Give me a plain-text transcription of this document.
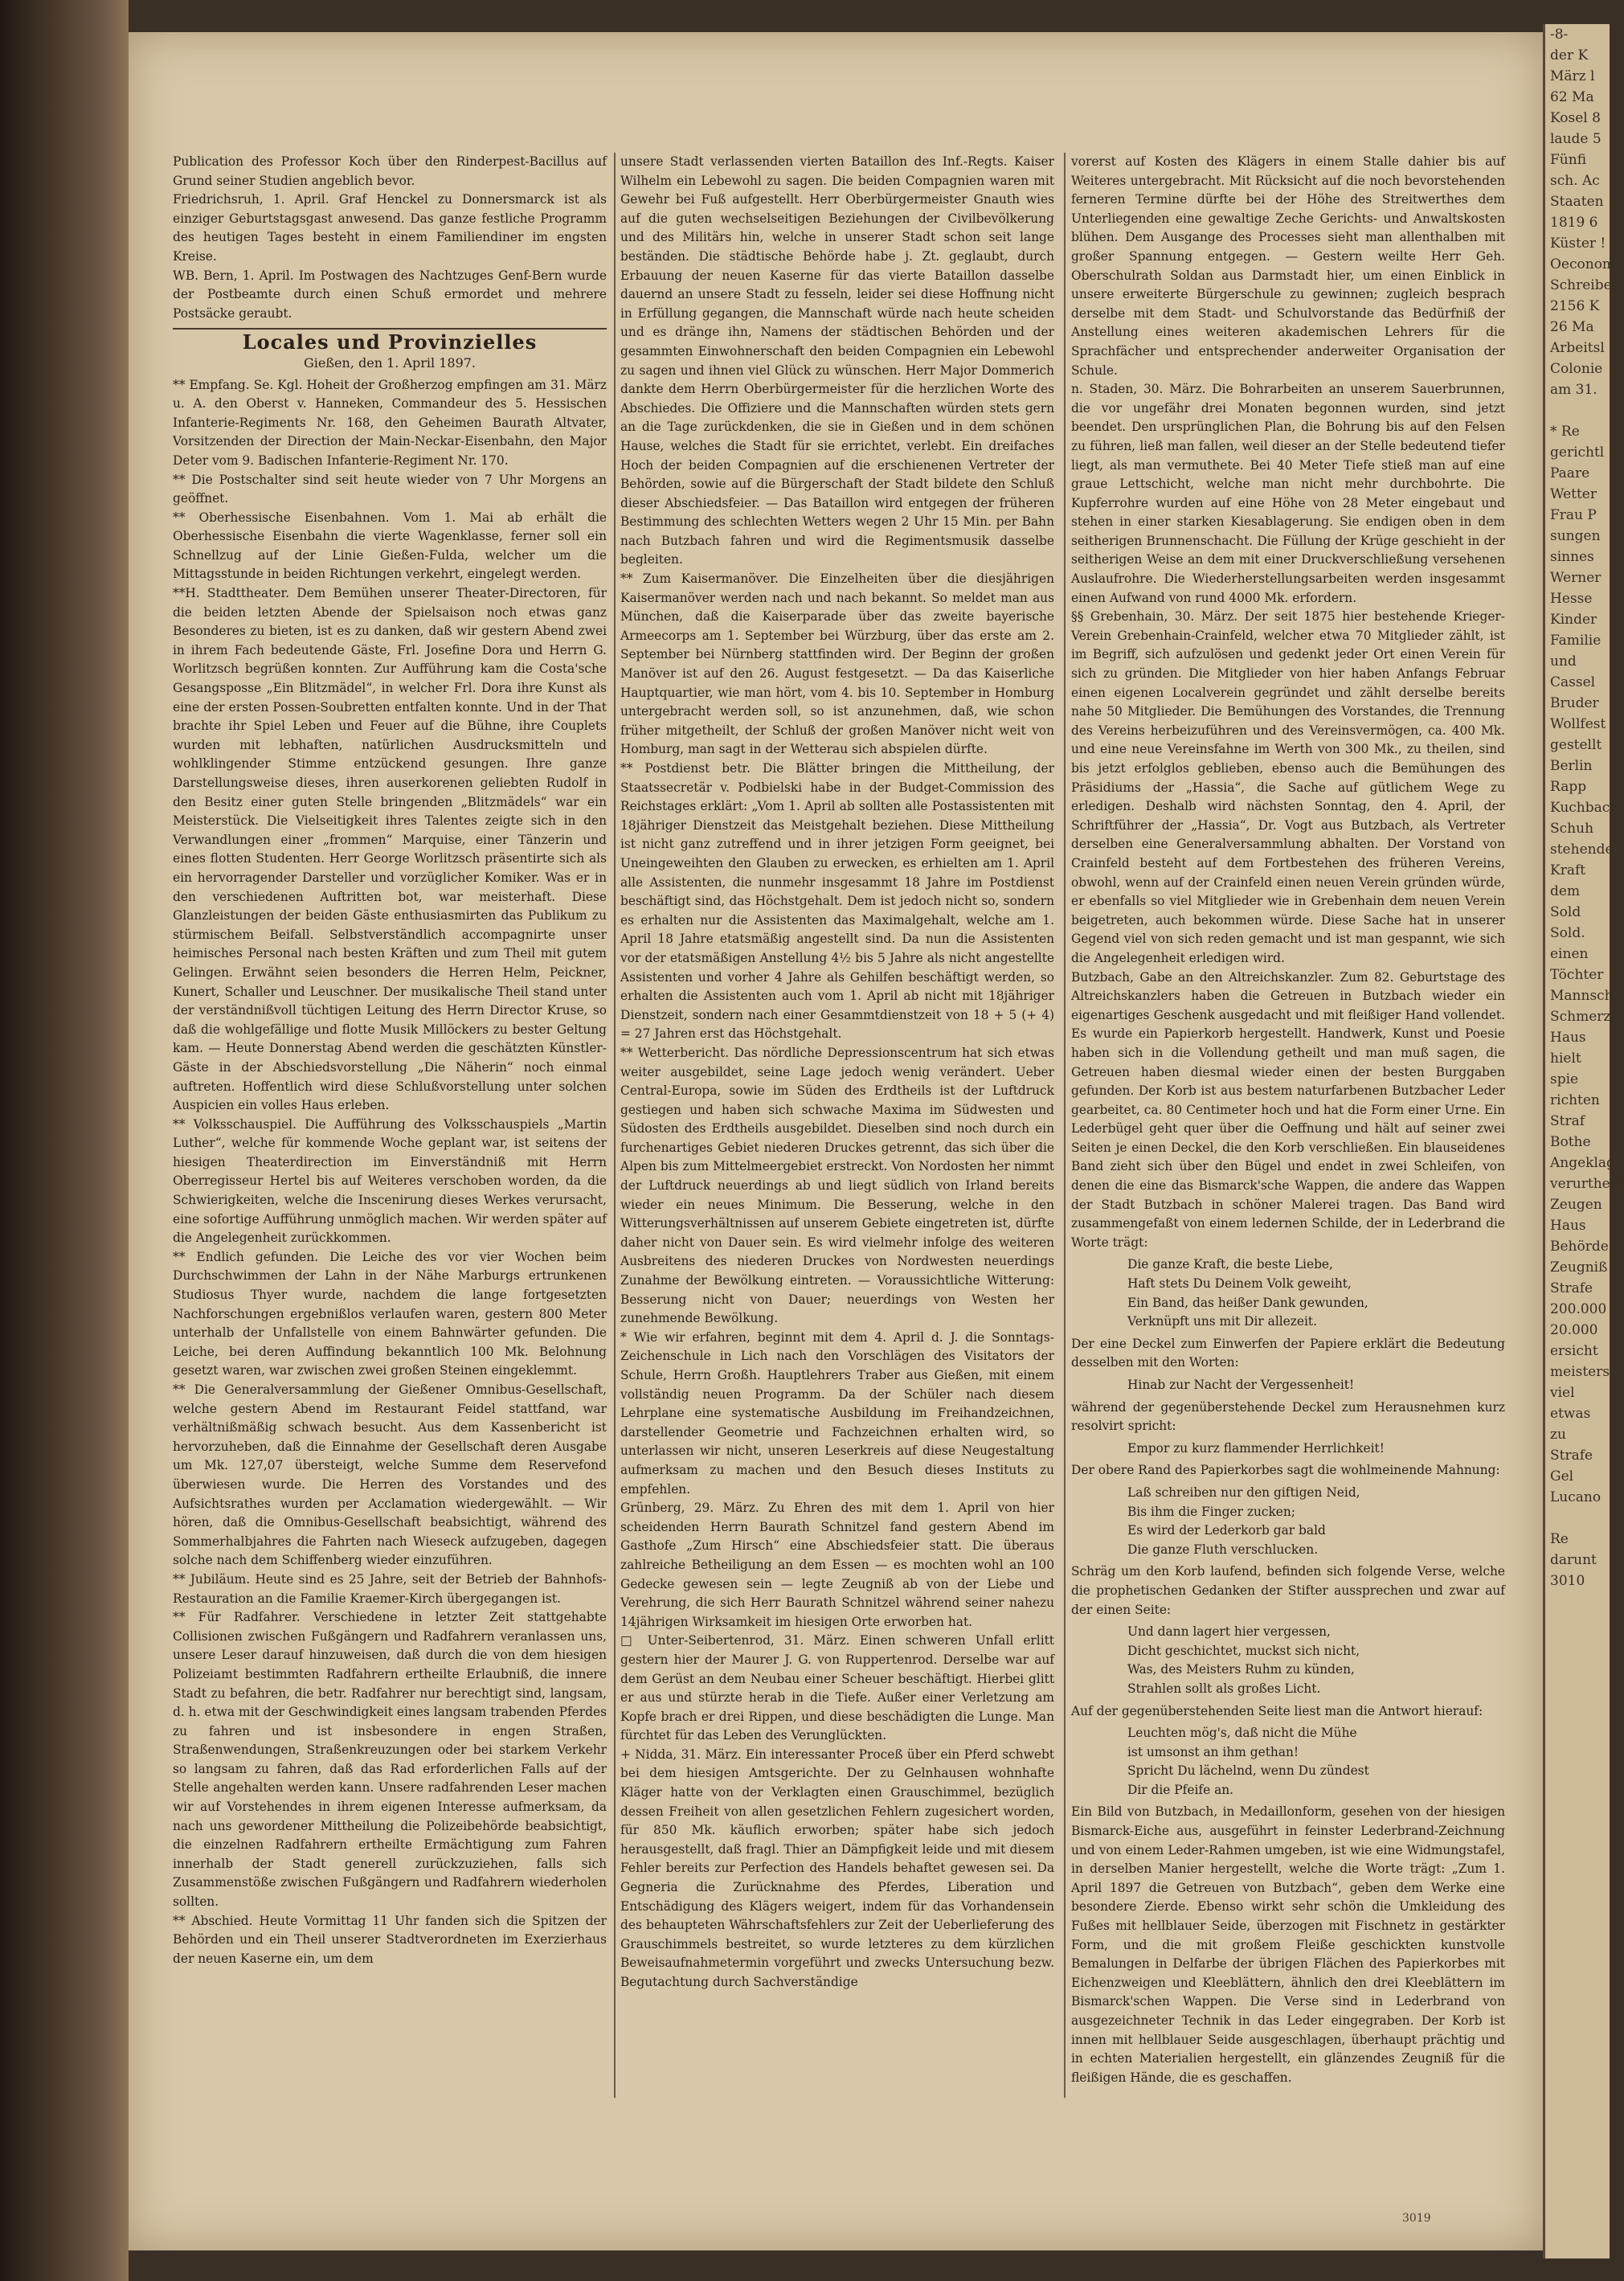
Publication des Professor Koch über den Rinderpest-Bacillus auf Grund seiner Studien angeblich bevor.

Friedrichsruh, 1. April. Graf Henckel zu Donnersmarck ist als einziger Geburtstagsgast anwesend. Das ganze festliche Programm des heutigen Tages besteht in einem Familiendiner im engsten Kreise.

WB. Bern, 1. April. Im Postwagen des Nachtzuges Genf-Bern wurde der Postbeamte durch einen Schuß ermordet und mehrere Postsäcke geraubt.

Locales und Provinzielles
Gießen, den 1. April 1897.

** Empfang. Se. Kgl. Hoheit der Großherzog empfingen am 31. März u. A. den Oberst v. Hanneken, Commandeur des 5. Hessischen Infanterie-Regiments Nr. 168, den Geheimen Baurath Altvater, Vorsitzenden der Direction der Main-Neckar-Eisenbahn, den Major Deter vom 9. Badischen Infanterie-Regiment Nr. 170.

** Die Postschalter sind seit heute wieder von 7 Uhr Morgens an geöffnet.

** Oberhessische Eisenbahnen. Vom 1. Mai ab erhält die Oberhessische Eisenbahn die vierte Wagenklasse, ferner soll ein Schnellzug auf der Linie Gießen-Fulda, welcher um die Mittagsstunde in beiden Richtungen verkehrt, eingelegt werden.

**H. Stadttheater. Dem Bemühen unserer Theater-Directoren, für die beiden letzten Abende der Spielsaison noch etwas ganz Besonderes zu bieten, ist es zu danken, daß wir gestern Abend zwei in ihrem Fach bedeutende Gäste, Frl. Josefine Dora und Herrn G. Worlitzsch begrüßen konnten. Zur Aufführung kam die Costa'sche Gesangsposse „Ein Blitzmädel“, in welcher Frl. Dora ihre Kunst als eine der ersten Possen-Soubretten entfalten konnte. Und in der That brachte ihr Spiel Leben und Feuer auf die Bühne, ihre Couplets wurden mit lebhaften, natürlichen Ausdrucksmitteln und wohlklingender Stimme entzückend gesungen. Ihre ganze Darstellungsweise dieses, ihren auserkorenen geliebten Rudolf in den Besitz einer guten Stelle bringenden „Blitzmädels“ war ein Meisterstück. Die Vielseitigkeit ihres Talentes zeigte sich in den Verwandlungen einer „frommen“ Marquise, einer Tänzerin und eines flotten Studenten. Herr George Worlitzsch präsentirte sich als ein hervorragender Darsteller und vorzüglicher Komiker. Was er in den verschiedenen Auftritten bot, war meisterhaft. Diese Glanzleistungen der beiden Gäste enthusiasmirten das Publikum zu stürmischem Beifall. Selbstverständlich accompagnirte unser heimisches Personal nach besten Kräften und zum Theil mit gutem Gelingen. Erwähnt seien besonders die Herren Helm, Peickner, Kunert, Schaller und Leuschner. Der musikalische Theil stand unter der verständnißvoll tüchtigen Leitung des Herrn Director Kruse, so daß die wohlgefällige und flotte Musik Millöckers zu bester Geltung kam. — Heute Donnerstag Abend werden die geschätzten Künstler-Gäste in der Abschiedsvorstellung „Die Näherin“ noch einmal auftreten. Hoffentlich wird diese Schlußvorstellung unter solchen Auspicien ein volles Haus erleben.

** Volksschauspiel. Die Aufführung des Volksschauspiels „Martin Luther“, welche für kommende Woche geplant war, ist seitens der hiesigen Theaterdirection im Einverständniß mit Herrn Oberregisseur Hertel bis auf Weiteres verschoben worden, da die Schwierigkeiten, welche die Inscenirung dieses Werkes verursacht, eine sofortige Aufführung unmöglich machen. Wir werden später auf die Angelegenheit zurückkommen.

** Endlich gefunden. Die Leiche des vor vier Wochen beim Durchschwimmen der Lahn in der Nähe Marburgs ertrunkenen Studiosus Thyer wurde, nachdem die lange fortgesetzten Nachforschungen ergebnißlos verlaufen waren, gestern 800 Meter unterhalb der Unfallstelle von einem Bahnwärter gefunden. Die Leiche, bei deren Auffindung bekanntlich 100 Mk. Belohnung gesetzt waren, war zwischen zwei großen Steinen eingeklemmt.

** Die Generalversammlung der Gießener Omnibus-Gesellschaft, welche gestern Abend im Restaurant Feidel stattfand, war verhältnißmäßig schwach besucht. Aus dem Kassenbericht ist hervorzuheben, daß die Einnahme der Gesellschaft deren Ausgabe um Mk. 127,07 übersteigt, welche Summe dem Reservefond überwiesen wurde. Die Herren des Vorstandes und des Aufsichtsrathes wurden per Acclamation wiedergewählt. — Wir hören, daß die Omnibus-Gesellschaft beabsichtigt, während des Sommerhalbjahres die Fahrten nach Wieseck aufzugeben, dagegen solche nach dem Schiffenberg wieder einzuführen.

** Jubiläum. Heute sind es 25 Jahre, seit der Betrieb der Bahnhofs-Restauration an die Familie Kraemer-Kirch übergegangen ist.

** Für Radfahrer. Verschiedene in letzter Zeit stattgehabte Collisionen zwischen Fußgängern und Radfahrern veranlassen uns, unsere Leser darauf hinzuweisen, daß durch die von dem hiesigen Polizeiamt bestimmten Radfahrern ertheilte Erlaubniß, die innere Stadt zu befahren, die betr. Radfahrer nur berechtigt sind, langsam, d. h. etwa mit der Geschwindigkeit eines langsam trabenden Pferdes zu fahren und ist insbesondere in engen Straßen, Straßenwendungen, Straßenkreuzungen oder bei starkem Verkehr so langsam zu fahren, daß das Rad erforderlichen Falls auf der Stelle angehalten werden kann. Unsere radfahrenden Leser machen wir auf Vorstehendes in ihrem eigenen Interesse aufmerksam, da nach uns gewordener Mittheilung die Polizeibehörde beabsichtigt, die einzelnen Radfahrern ertheilte Ermächtigung zum Fahren innerhalb der Stadt generell zurückzuziehen, falls sich Zusammenstöße zwischen Fußgängern und Radfahrern wiederholen sollten.

** Abschied. Heute Vormittag 11 Uhr fanden sich die Spitzen der Behörden und ein Theil unserer Stadtverordneten im Exerzierhaus der neuen Kaserne ein, um dem

unsere Stadt verlassenden vierten Bataillon des Inf.-Regts. Kaiser Wilhelm ein Lebewohl zu sagen. Die beiden Compagnien waren mit Gewehr bei Fuß aufgestellt. Herr Oberbürgermeister Gnauth wies auf die guten wechselseitigen Beziehungen der Civilbevölkerung und des Militärs hin, welche in unserer Stadt schon seit lange beständen. Die städtische Behörde habe j. Zt. geglaubt, durch Erbauung der neuen Kaserne für das vierte Bataillon dasselbe dauernd an unsere Stadt zu fesseln, leider sei diese Hoffnung nicht in Erfüllung gegangen, die Mannschaft würde nach heute scheiden und es dränge ihn, Namens der städtischen Behörden und der gesammten Einwohnerschaft den beiden Compagnien ein Lebewohl zu sagen und ihnen viel Glück zu wünschen. Herr Major Dommerich dankte dem Herrn Oberbürgermeister für die herzlichen Worte des Abschiedes. Die Offiziere und die Mannschaften würden stets gern an die Tage zurückdenken, die sie in Gießen und in dem schönen Hause, welches die Stadt für sie errichtet, verlebt. Ein dreifaches Hoch der beiden Compagnien auf die erschienenen Vertreter der Behörden, sowie auf die Bürgerschaft der Stadt bildete den Schluß dieser Abschiedsfeier. — Das Bataillon wird entgegen der früheren Bestimmung des schlechten Wetters wegen 2 Uhr 15 Min. per Bahn nach Butzbach fahren und wird die Regimentsmusik dasselbe begleiten.

** Zum Kaisermanöver. Die Einzelheiten über die diesjährigen Kaisermanöver werden nach und nach bekannt. So meldet man aus München, daß die Kaiserparade über das zweite bayerische Armeecorps am 1. September bei Würzburg, über das erste am 2. September bei Nürnberg stattfinden wird. Der Beginn der großen Manöver ist auf den 26. August festgesetzt. — Da das Kaiserliche Hauptquartier, wie man hört, vom 4. bis 10. September in Homburg untergebracht werden soll, so ist anzunehmen, daß, wie schon früher mitgetheilt, der Schluß der großen Manöver nicht weit von Homburg, man sagt in der Wetterau sich abspielen dürfte.

** Postdienst betr. Die Blätter bringen die Mittheilung, der Staatssecretär v. Podbielski habe in der Budget-Commission des Reichstages erklärt: „Vom 1. April ab sollten alle Postassistenten mit 18jähriger Dienstzeit das Meistgehalt beziehen. Diese Mittheilung ist nicht ganz zutreffend und in ihrer jetzigen Form geeignet, bei Uneingeweihten den Glauben zu erwecken, es erhielten am 1. April alle Assistenten, die nunmehr insgesammt 18 Jahre im Postdienst beschäftigt sind, das Höchstgehalt. Dem ist jedoch nicht so, sondern es erhalten nur die Assistenten das Maximalgehalt, welche am 1. April 18 Jahre etatsmäßig angestellt sind. Da nun die Assistenten vor der etatsmäßigen Anstellung 4½ bis 5 Jahre als nicht angestellte Assistenten und vorher 4 Jahre als Gehilfen beschäftigt werden, so erhalten die Assistenten auch vom 1. April ab nicht mit 18jähriger Dienstzeit, sondern nach einer Gesammtdienstzeit von 18 + 5 (+ 4) = 27 Jahren erst das Höchstgehalt.

** Wetterbericht. Das nördliche Depressionscentrum hat sich etwas weiter ausgebildet, seine Lage jedoch wenig verändert. Ueber Central-Europa, sowie im Süden des Erdtheils ist der Luftdruck gestiegen und haben sich schwache Maxima im Südwesten und Südosten des Erdtheils ausgebildet. Dieselben sind noch durch ein furchenartiges Gebiet niederen Druckes getrennt, das sich über die Alpen bis zum Mittelmeergebiet erstreckt. Von Nordosten her nimmt der Luftdruck neuerdings ab und liegt südlich von Irland bereits wieder ein neues Minimum. Die Besserung, welche in den Witterungsverhältnissen auf unserem Gebiete eingetreten ist, dürfte daher nicht von Dauer sein. Es wird vielmehr infolge des weiteren Ausbreitens des niederen Druckes von Nordwesten neuerdings Zunahme der Bewölkung eintreten. — Voraussichtliche Witterung: Besserung nicht von Dauer; neuerdings von Westen her zunehmende Bewölkung.

* Wie wir erfahren, beginnt mit dem 4. April d. J. die Sonntags-Zeichenschule in Lich nach den Vorschlägen des Visitators der Schule, Herrn Großh. Hauptlehrers Traber aus Gießen, mit einem vollständig neuen Programm. Da der Schüler nach diesem Lehrplane eine systematische Ausbildung im Freihandzeichnen, darstellender Geometrie und Fachzeichnen erhalten wird, so unterlassen wir nicht, unseren Leserkreis auf diese Neugestaltung aufmerksam zu machen und den Besuch dieses Instituts zu empfehlen.

Grünberg, 29. März. Zu Ehren des mit dem 1. April von hier scheidenden Herrn Baurath Schnitzel fand gestern Abend im Gasthofe „Zum Hirsch“ eine Abschiedsfeier statt. Die überaus zahlreiche Betheiligung an dem Essen — es mochten wohl an 100 Gedecke gewesen sein — legte Zeugniß ab von der Liebe und Verehrung, die sich Herr Baurath Schnitzel während seiner nahezu 14jährigen Wirksamkeit im hiesigen Orte erworben hat.

□ Unter-Seibertenrod, 31. März. Einen schweren Unfall erlitt gestern hier der Maurer J. G. von Ruppertenrod. Derselbe war auf dem Gerüst an dem Neubau einer Scheuer beschäftigt. Hierbei glitt er aus und stürzte herab in die Tiefe. Außer einer Verletzung am Kopfe brach er drei Rippen, und diese beschädigten die Lunge. Man fürchtet für das Leben des Verunglückten.

+ Nidda, 31. März. Ein interessanter Proceß über ein Pferd schwebt bei dem hiesigen Amtsgerichte. Der zu Gelnhausen wohnhafte Kläger hatte von der Verklagten einen Grauschimmel, bezüglich dessen Freiheit von allen gesetzlichen Fehlern zugesichert worden, für 850 Mk. käuflich erworben; später habe sich jedoch herausgestellt, daß fragl. Thier an Dämpfigkeit leide und mit diesem Fehler bereits zur Perfection des Handels behaftet gewesen sei. Da Gegneria die Zurücknahme des Pferdes, Liberation und Entschädigung des Klägers weigert, indem für das Vorhandensein des behaupteten Währschaftsfehlers zur Zeit der Ueberlieferung des Grauschimmels bestreitet, so wurde letzteres zu dem kürzlichen Beweisaufnahmetermin vorgeführt und zwecks Untersuchung bezw. Begutachtung durch Sachverständige

vorerst auf Kosten des Klägers in einem Stalle dahier bis auf Weiteres untergebracht. Mit Rücksicht auf die noch bevorstehenden ferneren Termine dürfte bei der Höhe des Streitwerthes dem Unterliegenden eine gewaltige Zeche Gerichts- und Anwaltskosten blühen. Dem Ausgange des Processes sieht man allenthalben mit großer Spannung entgegen. — Gestern weilte Herr Geh. Oberschulrath Soldan aus Darmstadt hier, um einen Einblick in unsere erweiterte Bürgerschule zu gewinnen; zugleich besprach derselbe mit dem Stadt- und Schulvorstande das Bedürfniß der Anstellung eines weiteren akademischen Lehrers für die Sprachfächer und entsprechender anderweiter Organisation der Schule.

n. Staden, 30. März. Die Bohrarbeiten an unserem Sauerbrunnen, die vor ungefähr drei Monaten begonnen wurden, sind jetzt beendet. Den ursprünglichen Plan, die Bohrung bis auf den Felsen zu führen, ließ man fallen, weil dieser an der Stelle bedeutend tiefer liegt, als man vermuthete. Bei 40 Meter Tiefe stieß man auf eine graue Lettschicht, welche man nicht mehr durchbohrte. Die Kupferrohre wurden auf eine Höhe von 28 Meter eingebaut und stehen in einer starken Kiesablagerung. Sie endigen oben in dem seitherigen Brunnenschacht. Die Füllung der Krüge geschieht in der seitherigen Weise an dem mit einer Druckverschließung versehenen Auslaufrohre. Die Wiederherstellungsarbeiten werden insgesammt einen Aufwand von rund 4000 Mk. erfordern.

§§ Grebenhain, 30. März. Der seit 1875 hier bestehende Krieger-Verein Grebenhain-Crainfeld, welcher etwa 70 Mitglieder zählt, ist im Begriff, sich aufzulösen und gedenkt jeder Ort einen Verein für sich zu gründen. Die Mitglieder von hier haben Anfangs Februar einen eigenen Localverein gegründet und zählt derselbe bereits nahe 50 Mitglieder. Die Bemühungen des Vorstandes, die Trennung des Vereins herbeizuführen und des Vereinsvermögen, ca. 400 Mk. und eine neue Vereinsfahne im Werth von 300 Mk., zu theilen, sind bis jetzt erfolglos geblieben, ebenso auch die Bemühungen des Präsidiums der „Hassia“, die Sache auf gütlichem Wege zu erledigen. Deshalb wird nächsten Sonntag, den 4. April, der Schriftführer der „Hassia“, Dr. Vogt aus Butzbach, als Vertreter derselben eine Generalversammlung abhalten. Der Vorstand von Crainfeld besteht auf dem Fortbestehen des früheren Vereins, obwohl, wenn auf der Crainfeld einen neuen Verein gründen würde, er ebenfalls so viel Mitglieder wie in Grebenhain dem neuen Verein beigetreten, auch bekommen würde. Diese Sache hat in unserer Gegend viel von sich reden gemacht und ist man gespannt, wie sich die Angelegenheit erledigen wird.

Butzbach, Gabe an den Altreichskanzler. Zum 82. Geburtstage des Altreichskanzlers haben die Getreuen in Butzbach wieder ein eigenartiges Geschenk ausgedacht und mit fleißiger Hand vollendet. Es wurde ein Papierkorb hergestellt. Handwerk, Kunst und Poesie haben sich in die Vollendung getheilt und man muß sagen, die Getreuen haben diesmal wieder einen der besten Burggaben gefunden. Der Korb ist aus bestem naturfarbenen Butzbacher Leder gearbeitet, ca. 80 Centimeter hoch und hat die Form einer Urne. Ein Lederbügel geht quer über die Oeffnung und hält auf seiner zwei Seiten je einen Deckel, die den Korb verschließen. Ein blauseidenes Band zieht sich über den Bügel und endet in zwei Schleifen, von denen die eine das Bismarck'sche Wappen, die andere das Wappen der Stadt Butzbach in schöner Malerei tragen. Das Band wird zusammengefaßt von einem ledernen Schilde, der in Lederbrand die Worte trägt:

Die ganze Kraft, die beste Liebe,
Haft stets Du Deinem Volk geweiht,
Ein Band, das heißer Dank gewunden,
Verknüpft uns mit Dir allezeit.

Der eine Deckel zum Einwerfen der Papiere erklärt die Bedeutung desselben mit den Worten:

Hinab zur Nacht der Vergessenheit!

während der gegenüberstehende Deckel zum Herausnehmen kurz resolvirt spricht:

Empor zu kurz flammender Herrlichkeit!

Der obere Rand des Papierkorbes sagt die wohlmeinende Mahnung:

Laß schreiben nur den giftigen Neid,
Bis ihm die Finger zucken;
Es wird der Lederkorb gar bald
Die ganze Fluth verschlucken.

Schräg um den Korb laufend, befinden sich folgende Verse, welche die prophetischen Gedanken der Stifter aussprechen und zwar auf der einen Seite:

Und dann lagert hier vergessen,
Dicht geschichtet, muckst sich nicht,
Was, des Meisters Ruhm zu künden,
Strahlen sollt als großes Licht.

Auf der gegenüberstehenden Seite liest man die Antwort hierauf:

Leuchten mög's, daß nicht die Mühe
ist umsonst an ihm gethan!
Spricht Du lächelnd, wenn Du zündest
Dir die Pfeife an.

Ein Bild von Butzbach, in Medaillonform, gesehen von der hiesigen Bismarck-Eiche aus, ausgeführt in feinster Lederbrand-Zeichnung und von einem Leder-Rahmen umgeben, ist wie eine Widmungstafel, in derselben Manier hergestellt, welche die Worte trägt: „Zum 1. April 1897 die Getreuen von Butzbach“, geben dem Werke eine besondere Zierde. Ebenso wirkt sehr schön die Umkleidung des Fußes mit hellblauer Seide, überzogen mit Fischnetz in gestärkter Form, und die mit großem Fleiße geschickten kunstvolle Bemalungen in Delfarbe der übrigen Flächen des Papierkorbes mit Eichenzweigen und Kleeblättern, ähnlich den drei Kleeblättern im Bismarck'schen Wappen. Die Verse sind in Lederbrand von ausgezeichneter Technik in das Leder eingegraben. Der Korb ist innen mit hellblauer Seide ausgeschlagen, überhaupt prächtig und in echten Materialien hergestellt, ein glänzendes Zeugniß für die fleißigen Hände, die es geschaffen.

-8-
der K
März l
62 Ma
Kosel 8
laude 5
Fünfi
sch. Ac
Staaten
1819 6
Küster !
Oeconom
Schreiber
2156 K
26 Ma
Arbeitsl
Colonie
am 31.

* Re
gerichtl
Paare
Wetter
Frau P
sungen
sinnes
Werner
Hesse
Kinder
Familie
und
Cassel
Bruder
Wollfest
gestellt
Berlin
Rapp
Kuchbach
Schuh
stehende
Kraft
dem
Sold
Sold.
einen
Töchter
Mannsch
Schmerz
Haus
hielt
spie
richten
Straf
Bothe
Angeklag
verurtheilt
Zeugen
Haus
Behörde
Zeugniß
Strafe
200.000
20.000
ersicht
meisters
viel
etwas
zu
Strafe
Gel
Lucano

Re
darunt
3010
3019
